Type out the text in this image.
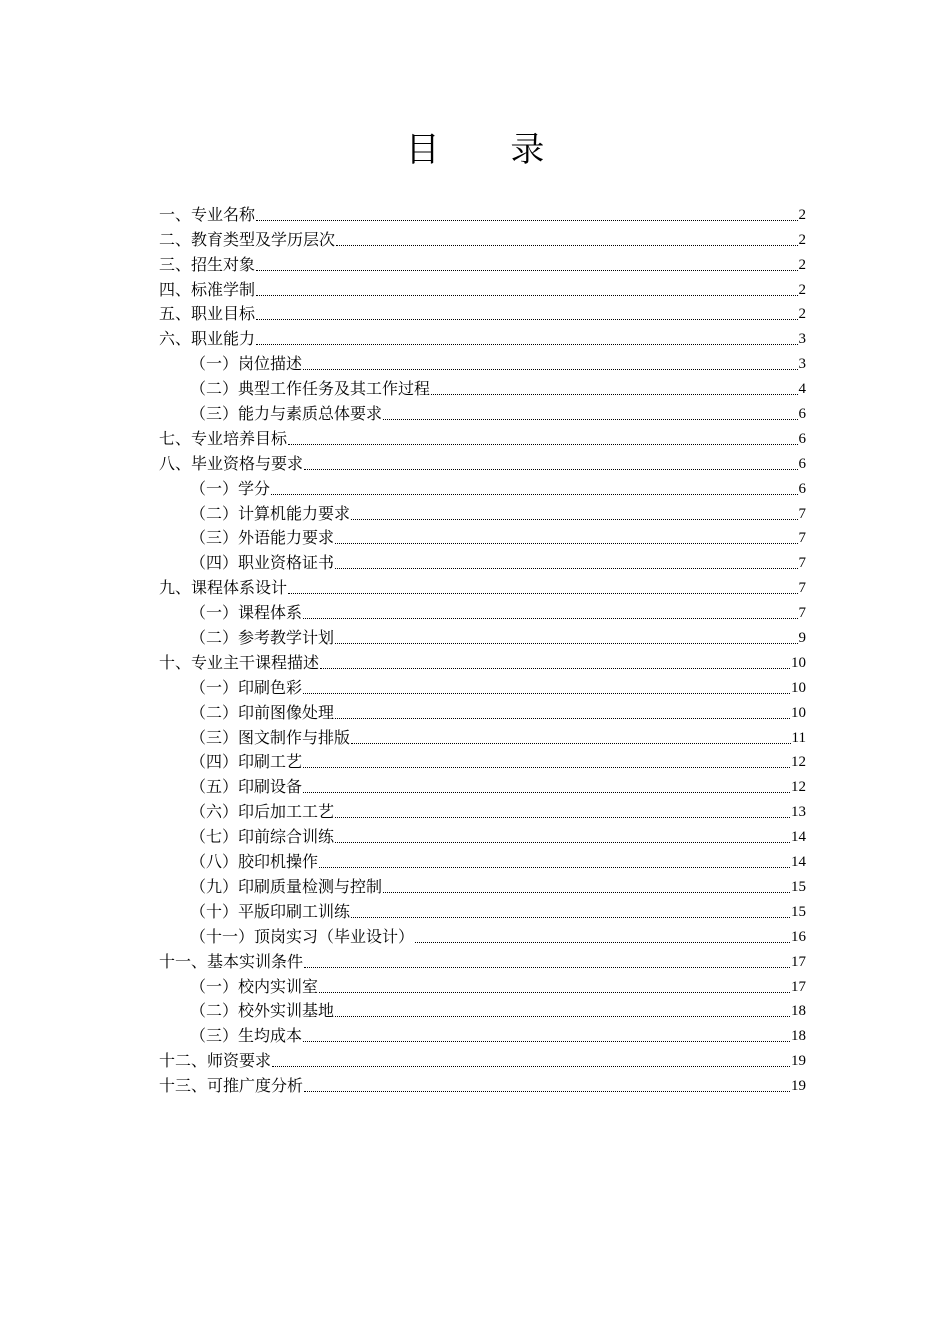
目 录
一、专业名称	2
二、教育类型及学历层次	2
三、招生对象	2
四、标准学制	2
五、职业目标	2
六、职业能力	3
（一）岗位描述	3
（二）典型工作任务及其工作过程	4
（三）能力与素质总体要求	6
七、专业培养目标	6
八、毕业资格与要求	6
（一）学分	6
（二）计算机能力要求	7
（三）外语能力要求	7
（四）职业资格证书	7
九、课程体系设计	7
（一）课程体系	7
（二）参考教学计划	9
十、专业主干课程描述	10
（一）印刷色彩	10
（二）印前图像处理	10
（三）图文制作与排版	11
（四）印刷工艺	12
（五）印刷设备	12
（六）印后加工工艺	13
（七）印前综合训练	14
（八）胶印机操作	14
（九）印刷质量检测与控制	15
（十）平版印刷工训练	15
（十一）顶岗实习（毕业设计）	16
十一、基本实训条件	17
（一）校内实训室	17
（二）校外实训基地	18
（三）生均成本	18
十二、师资要求	19
十三、可推广度分析	19
